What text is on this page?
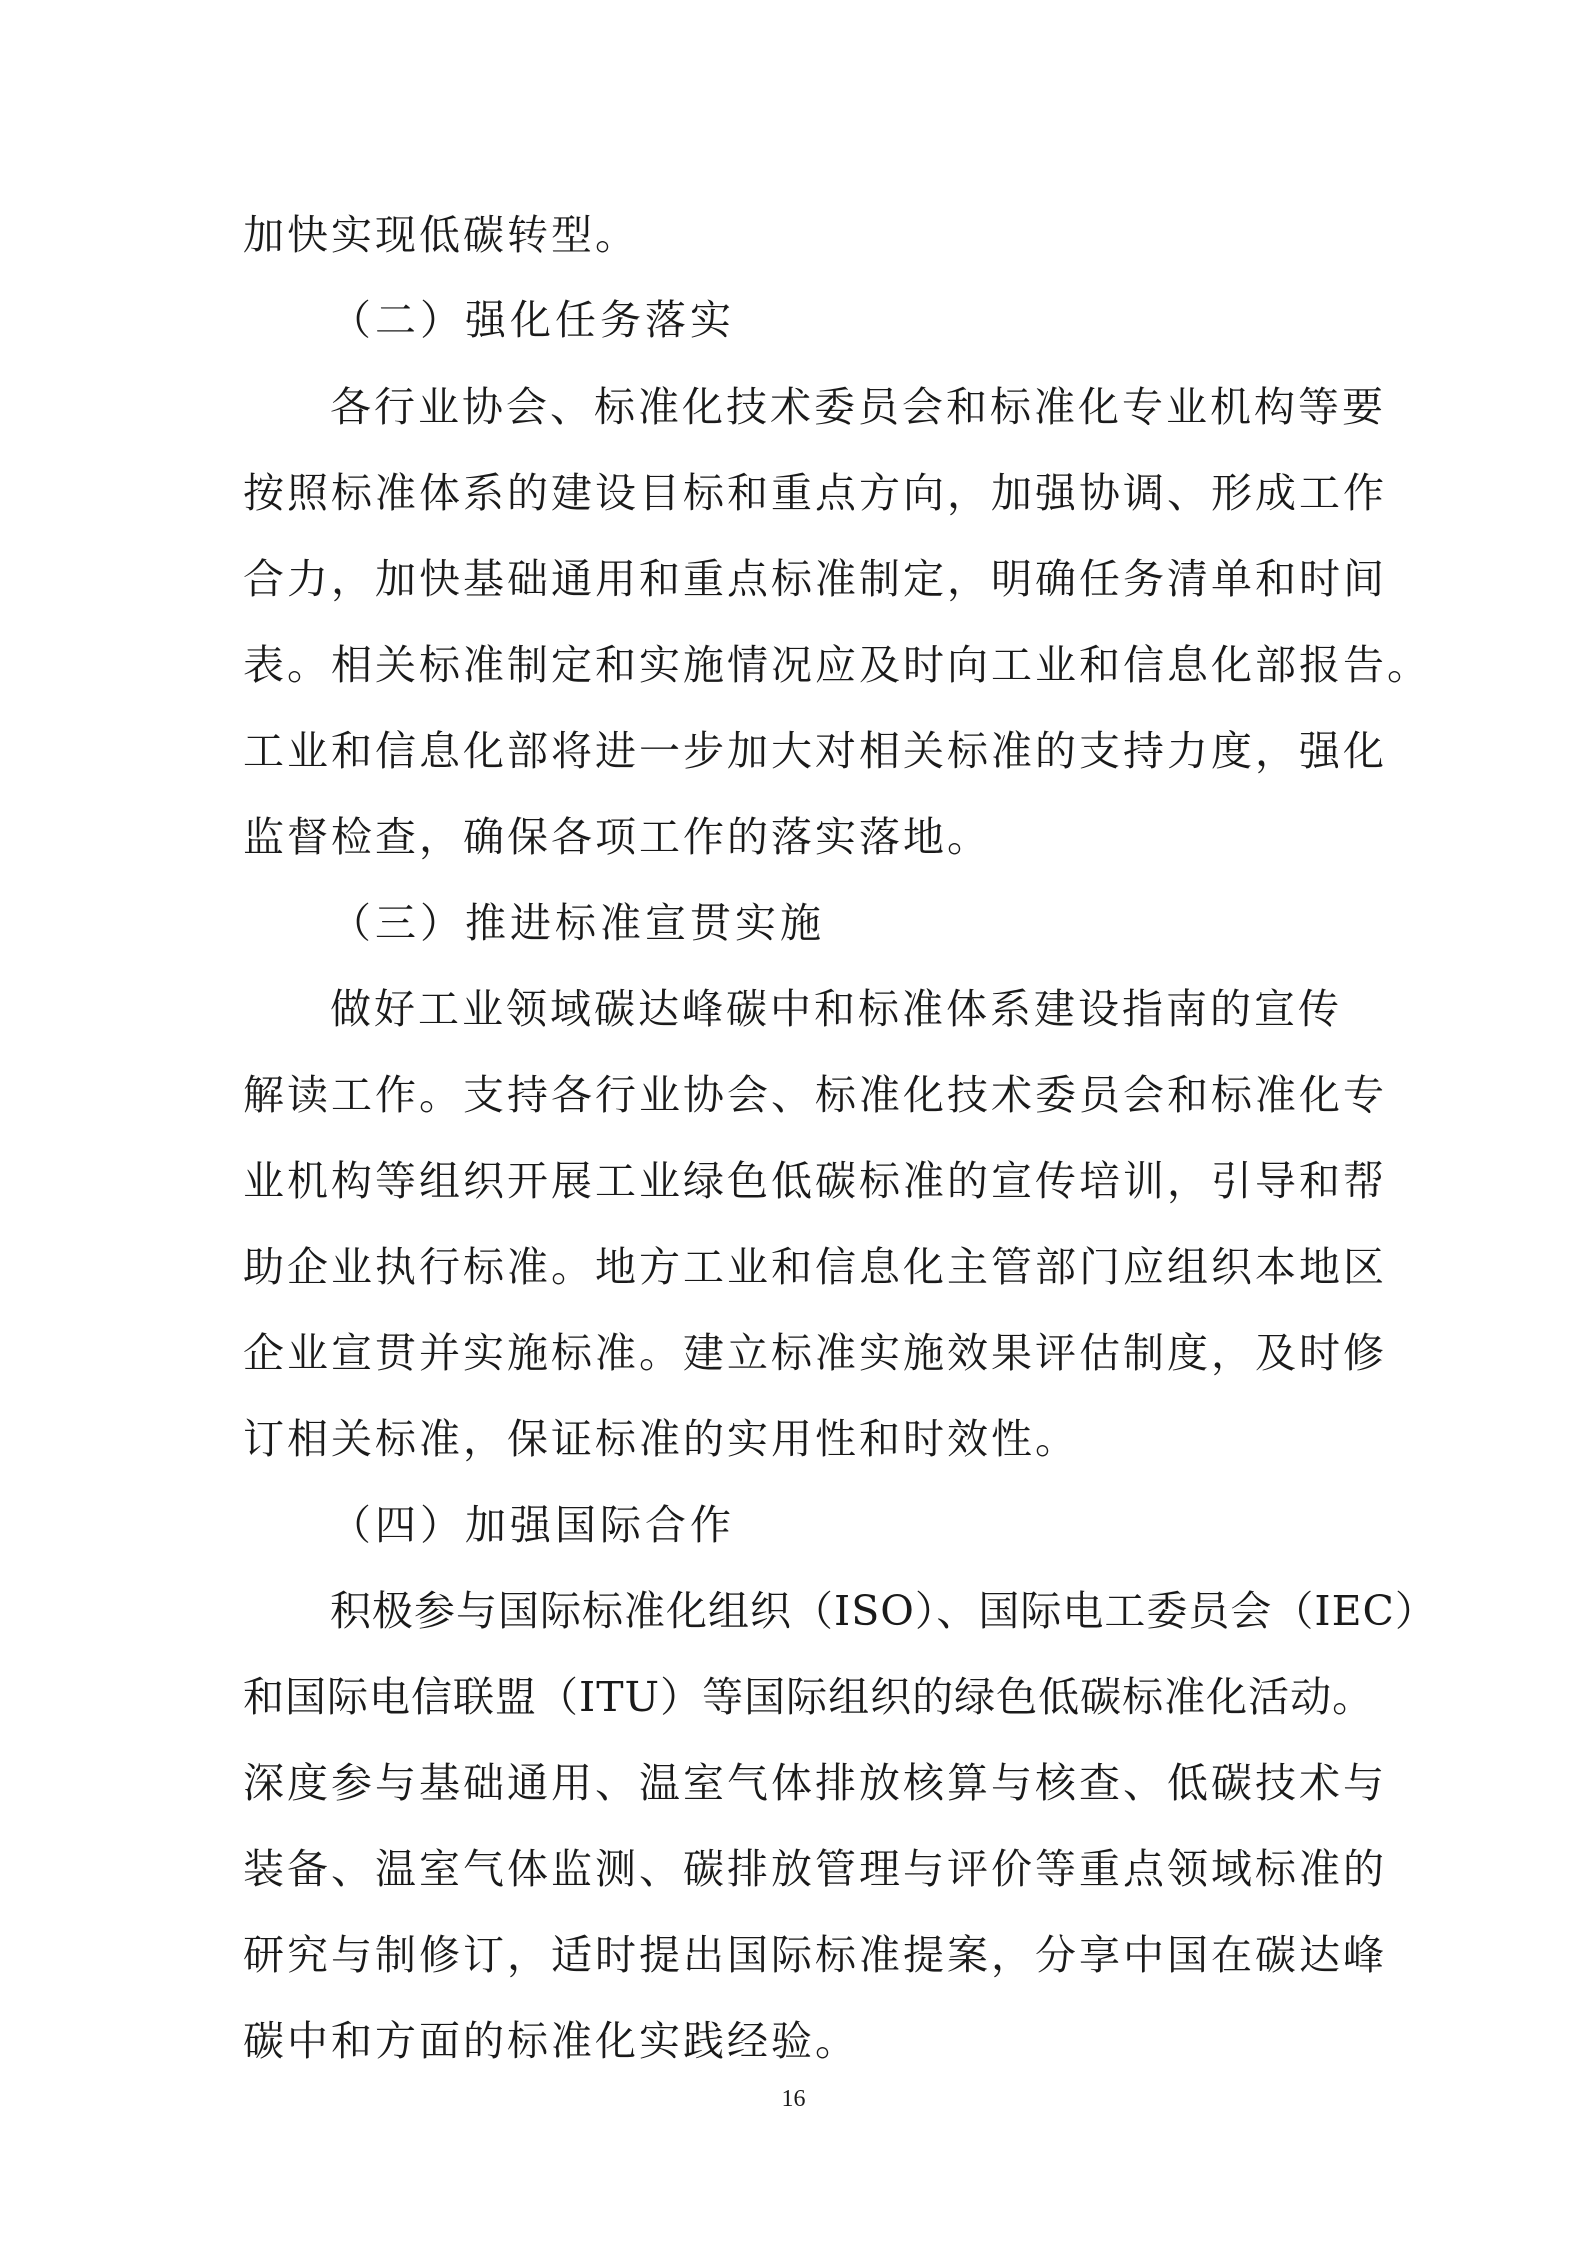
加快实现低碳转型。

（二）强化任务落实

各行业协会、标准化技术委员会和标准化专业机构等要

按照标准体系的建设目标和重点方向，加强协调、形成工作

合力，加快基础通用和重点标准制定，明确任务清单和时间

表。相关标准制定和实施情况应及时向工业和信息化部报告。

工业和信息化部将进一步加大对相关标准的支持力度，强化

监督检查，确保各项工作的落实落地。

（三）推进标准宣贯实施

做好工业领域碳达峰碳中和标准体系建设指南的宣传

解读工作。支持各行业协会、标准化技术委员会和标准化专

业机构等组织开展工业绿色低碳标准的宣传培训，引导和帮

助企业执行标准。地方工业和信息化主管部门应组织本地区

企业宣贯并实施标准。建立标准实施效果评估制度，及时修

订相关标准，保证标准的实用性和时效性。

（四）加强国际合作

积极参与国际标准化组织（ISO）、国际电工委员会（IEC）

和国际电信联盟（ITU）等国际组织的绿色低碳标准化活动。

深度参与基础通用、温室气体排放核算与核查、低碳技术与

装备、温室气体监测、碳排放管理与评价等重点领域标准的

研究与制修订，适时提出国际标准提案，分享中国在碳达峰

碳中和方面的标准化实践经验。

16
